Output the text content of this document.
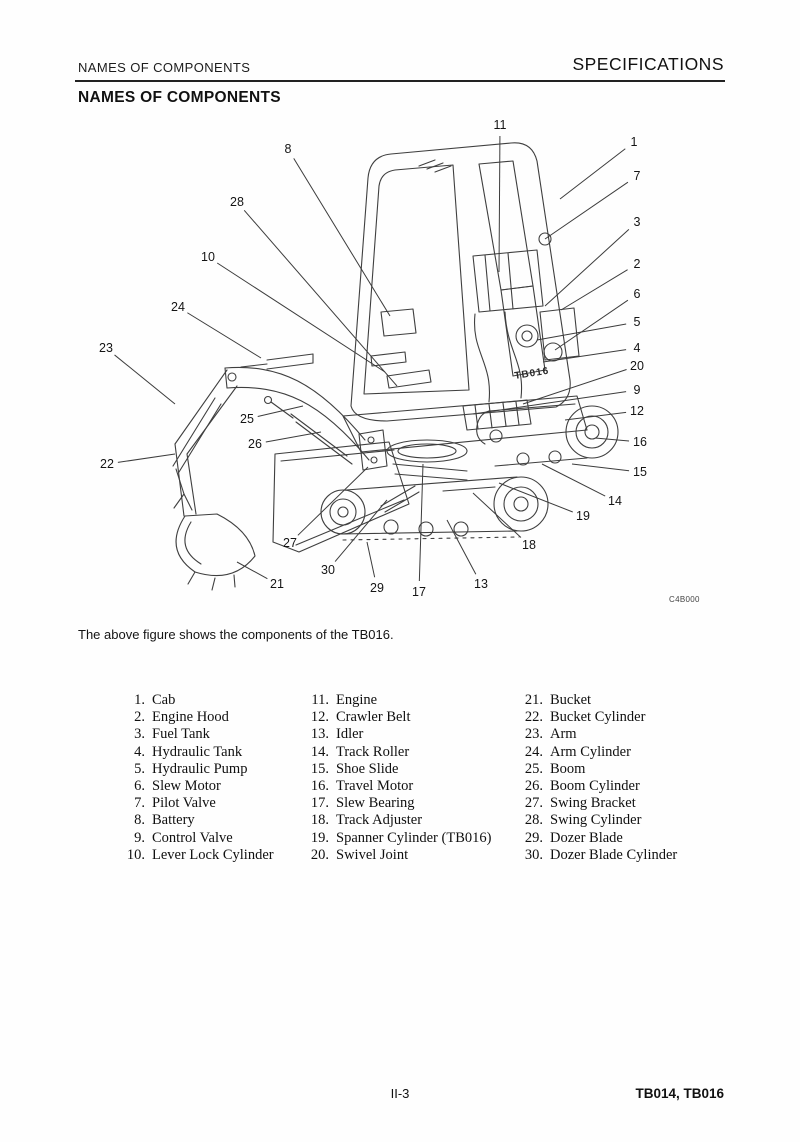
NAMES OF COMPONENTS	SPECIFICATIONS
NAMES OF COMPONENTS
TB016
1
2
3
4
5
6
7
8
9
10
11
12
13
14
15
16
17
18
19
20
21
22
23
24
25
26
27
28
29
30
C4B000
The above figure shows the components of the TB016.
1. Cab
2. Engine Hood
3. Fuel Tank
4. Hydraulic Tank
5. Hydraulic Pump
6. Slew Motor
7. Pilot Valve
8. Battery
9. Control Valve
10. Lever Lock Cylinder
11. Engine
12. Crawler Belt
13. Idler
14. Track Roller
15. Shoe Slide
16. Travel Motor
17. Slew Bearing
18. Track Adjuster
19. Spanner Cylinder (TB016)
20. Swivel Joint
21. Bucket
22. Bucket Cylinder
23. Arm
24. Arm Cylinder
25. Boom
26. Boom Cylinder
27. Swing Bracket
28. Swing Cylinder
29. Dozer Blade
30. Dozer Blade Cylinder
II-3	TB014, TB016
